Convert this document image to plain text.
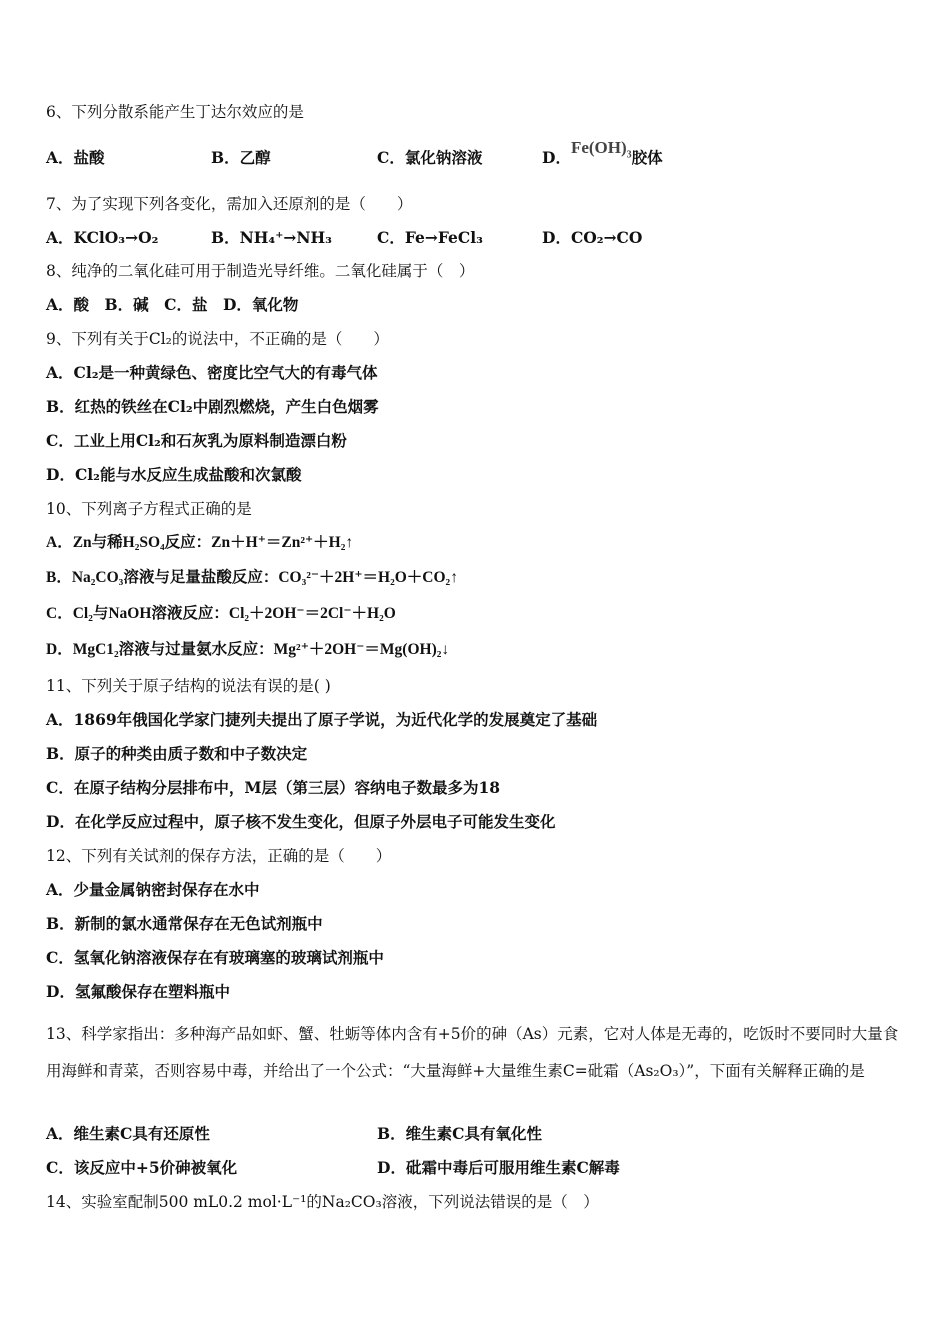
6、下列分散系能产生丁达尔效应的是
A．盐酸	B．乙醇	C．氯化钠溶液	D．$Fe(OH)_3$胶体
7、为了实现下列各变化，需加入还原剂的是（　　）
A．KClO₃→O₂	B．NH₄⁺→NH₃	C．Fe→FeCl₃	D．CO₂→CO
8、纯净的二氧化硅可用于制造光导纤维。二氧化硅属于（　）
A．酸　B．碱　C．盐　D．氧化物
9、下列有关于Cl₂的说法中，不正确的是（　　）
A．Cl₂是一种黄绿色、密度比空气大的有毒气体
B．红热的铁丝在Cl₂中剧烈燃烧，产生白色烟雾
C．工业上用Cl₂和石灰乳为原料制造漂白粉
D．Cl₂能与水反应生成盐酸和次氯酸
10、下列离子方程式正确的是
A．Zn与稀H₂SO₄反应：Zn＋H⁺＝Zn²⁺＋H₂↑
B．Na₂CO₃溶液与足量盐酸反应：CO₃²⁻＋2H⁺＝H₂O＋CO₂↑
C．Cl₂与NaOH溶液反应：Cl₂＋2OH⁻＝2Cl⁻＋H₂O
D．MgC1₂溶液与过量氨水反应：Mg²⁺＋2OH⁻＝Mg(OH)₂↓
11、下列关于原子结构的说法有误的是( )
A．1869年俄国化学家门捷列夫提出了原子学说，为近代化学的发展奠定了基础
B．原子的种类由质子数和中子数决定
C．在原子结构分层排布中，M层（第三层）容纳电子数最多为18
D．在化学反应过程中，原子核不发生变化，但原子外层电子可能发生变化
12、下列有关试剂的保存方法，正确的是（　　）
A．少量金属钠密封保存在水中
B．新制的氯水通常保存在无色试剂瓶中
C．氢氧化钠溶液保存在有玻璃塞的玻璃试剂瓶中
D．氢氟酸保存在塑料瓶中
13、科学家指出：多种海产品如虾、蟹、牡蛎等体内含有+5价的砷（As）元素，它对人体是无毒的，吃饭时不要同时大量食用海鲜和青菜，否则容易中毒，并给出了一个公式：“大量海鲜+大量维生素C=砒霜（As₂O₃）”，下面有关解释正确的是
A．维生素C具有还原性	B．维生素C具有氧化性
C．该反应中+5价砷被氧化	D．砒霜中毒后可服用维生素C解毒
14、实验室配制500 mL0.2 mol·L⁻¹的Na₂CO₃溶液，下列说法错误的是（　）
